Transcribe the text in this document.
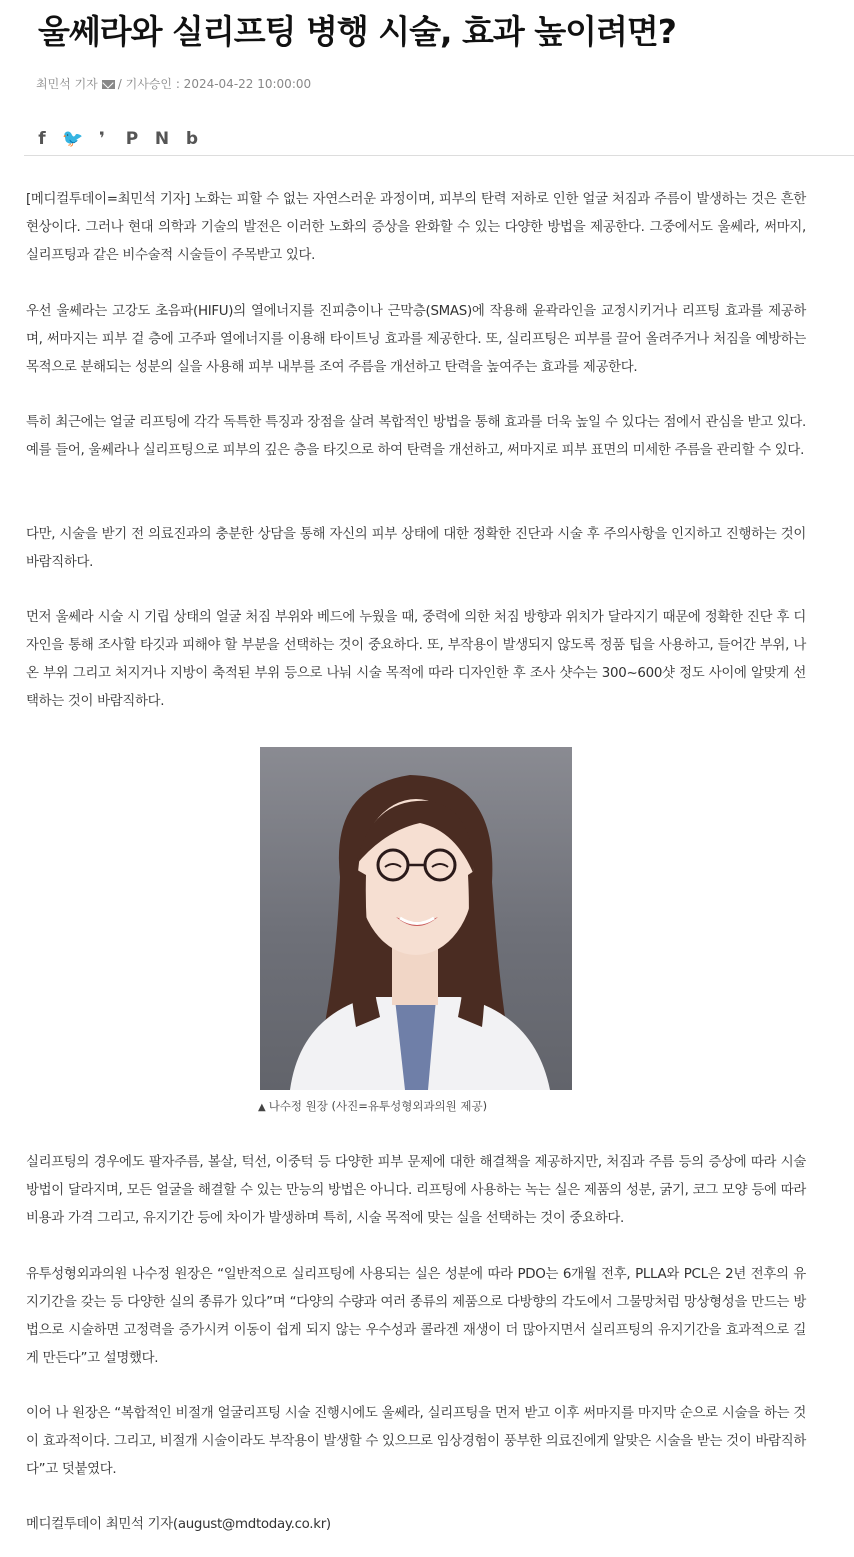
울쎄라와 실리프팅 병행 시술, 효과 높이려면?
최민석 기자 / 기사승인 : 2024-04-22 10:00:00
f 🐦 ❜	P N b

[메디컬투데이=최민석 기자] 노화는 피할 수 없는 자연스러운 과정이며, 피부의 탄력 저하로 인한 얼굴 처짐과 주름이 발생하는 것은 흔한 현상이다. 그러나 현대 의학과 기술의 발전은 이러한 노화의 증상을 완화할 수 있는 다양한 방법을 제공한다. 그중에서도 울쎄라, 써마지, 실리프팅과 같은 비수술적 시술들이 주목받고 있다.

우선 울쎄라는 고강도 초음파(HIFU)의 열에너지를 진피층이나 근막층(SMAS)에 작용해 윤곽라인을 교정시키거나 리프팅 효과를 제공하며, 써마지는 피부 겉 층에 고주파 열에너지를 이용해 타이트닝 효과를 제공한다. 또, 실리프팅은 피부를 끌어 올려주거나 처짐을 예방하는 목적으로 분해되는 성분의 실을 사용해 피부 내부를 조여 주름을 개선하고 탄력을 높여주는 효과를 제공한다.

특히 최근에는 얼굴 리프팅에 각각 독특한 특징과 장점을 살려 복합적인 방법을 통해 효과를 더욱 높일 수 있다는 점에서 관심을 받고 있다. 예를 들어, 울쎄라나 실리프팅으로 피부의 깊은 층을 타깃으로 하여 탄력을 개선하고, 써마지로 피부 표면의 미세한 주름을 관리할 수 있다.

다만, 시술을 받기 전 의료진과의 충분한 상담을 통해 자신의 피부 상태에 대한 정확한 진단과 시술 후 주의사항을 인지하고 진행하는 것이 바람직하다.

먼저 울쎄라 시술 시 기립 상태의 얼굴 처짐 부위와 베드에 누웠을 때, 중력에 의한 처짐 방향과 위치가 달라지기 때문에 정확한 진단 후 디자인을 통해 조사할 타깃과 피해야 할 부분을 선택하는 것이 중요하다. 또, 부작용이 발생되지 않도록 정품 팁을 사용하고, 들어간 부위, 나온 부위 그리고 처지거나 지방이 축적된 부위 등으로 나눠 시술 목적에 따라 디자인한 후 조사 샷수는 300~600샷 정도 사이에 알맞게 선택하는 것이 바람직하다.

▲ 나수정 원장 (사진=유투성형외과의원 제공)

실리프팅의 경우에도 팔자주름, 볼살, 턱선, 이중턱 등 다양한 피부 문제에 대한 해결책을 제공하지만, 처짐과 주름 등의 증상에 따라 시술 방법이 달라지며, 모든 얼굴을 해결할 수 있는 만능의 방법은 아니다. 리프팅에 사용하는 녹는 실은 제품의 성분, 굵기, 코그 모양 등에 따라 비용과 가격 그리고, 유지기간 등에 차이가 발생하며 특히, 시술 목적에 맞는 실을 선택하는 것이 중요하다.

유투성형외과의원 나수정 원장은 “일반적으로 실리프팅에 사용되는 실은 성분에 따라 PDO는 6개월 전후, PLLA와 PCL은 2년 전후의 유지기간을 갖는 등 다양한 실의 종류가 있다”며 “다양의 수량과 여러 종류의 제품으로 다방향의 각도에서 그물망처럼 망상형성을 만드는 방법으로 시술하면 고정력을 증가시켜 이동이 쉽게 되지 않는 우수성과 콜라겐 재생이 더 많아지면서 실리프팅의 유지기간을 효과적으로 길게 만든다”고 설명했다.

이어 나 원장은 “복합적인 비절개 얼굴리프팅 시술 진행시에도 울쎄라, 실리프팅을 먼저 받고 이후 써마지를 마지막 순으로 시술을 하는 것이 효과적이다. 그리고, 비절개 시술이라도 부작용이 발생할 수 있으므로 임상경험이 풍부한 의료진에게 알맞은 시술을 받는 것이 바람직하다”고 덧붙였다.

메디컬투데이 최민석 기자(august@mdtoday.co.kr)
